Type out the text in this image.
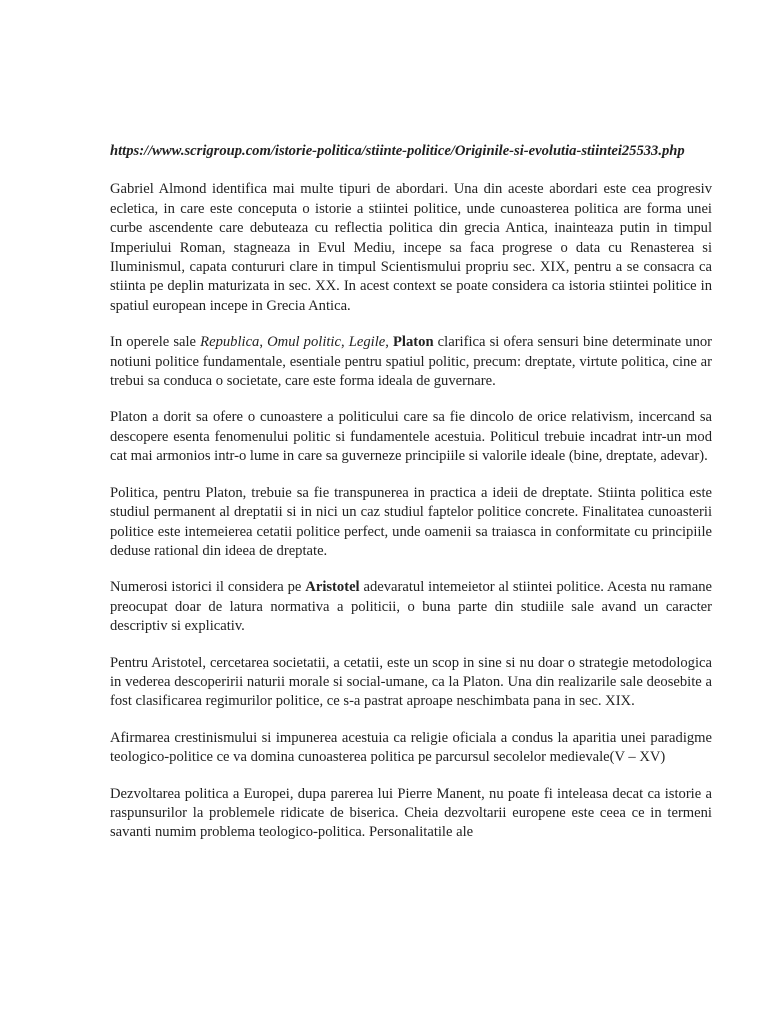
https://www.scrigroup.com/istorie-politica/stiinte-politice/Originile-si-evolutia-stiintei25533.php

Gabriel Almond identifica mai multe tipuri de abordari. Una din aceste abordari este cea progresiv ecletica, in care este conceputa o istorie a stiintei politice, unde cunoasterea politica are forma unei curbe ascendente care debuteaza cu reflectia politica din grecia Antica, inainteaza putin in timpul Imperiului Roman, stagneaza in Evul Mediu, incepe sa faca progrese o data cu Renasterea si Iluminismul, capata contururi clare in timpul Scientismului propriu sec. XIX, pentru a se consacra ca stiinta pe deplin maturizata in sec. XX. In acest context se poate considera ca istoria stiintei politice in spatiul european incepe in Grecia Antica.

In operele sale Republica, Omul politic, Legile, Platon clarifica si ofera sensuri bine determinate unor notiuni politice fundamentale, esentiale pentru spatiul politic, precum: dreptate, virtute politica, cine ar trebui sa conduca o societate, care este forma ideala de guvernare.

Platon a dorit sa ofere o cunoastere a politicului care sa fie dincolo de orice relativism, incercand sa descopere esenta fenomenului politic si fundamentele acestuia. Politicul trebuie incadrat intr-un mod cat mai armonios intr-o lume in care sa guverneze principiile si valorile ideale (bine, dreptate, adevar).

Politica, pentru Platon, trebuie sa fie transpunerea in practica a ideii de dreptate. Stiinta politica este studiul permanent al dreptatii si in nici un caz studiul faptelor politice concrete. Finalitatea cunoasterii politice este intemeierea cetatii politice perfect, unde oamenii sa traiasca in conformitate cu principiile deduse rational din ideea de dreptate.

Numerosi istorici il considera pe Aristotel adevaratul intemeietor al stiintei politice. Acesta nu ramane preocupat doar de latura normativa a politicii, o buna parte din studiile sale avand un caracter descriptiv si explicativ.

Pentru Aristotel, cercetarea societatii, a cetatii, este un scop in sine si nu doar o strategie metodologica in vederea descoperirii naturii morale si social-umane, ca la Platon. Una din realizarile sale deosebite a fost clasificarea regimurilor politice, ce s-a pastrat aproape neschimbata pana in sec. XIX.

Afirmarea crestinismului si impunerea acestuia ca religie oficiala a condus la aparitia unei paradigme teologico-politice ce va domina cunoasterea politica pe parcursul secolelor medievale(V – XV)

Dezvoltarea politica a Europei, dupa parerea lui Pierre Manent, nu poate fi inteleasa decat ca istorie a raspunsurilor la problemele ridicate de biserica. Cheia dezvoltarii europene este ceea ce in termeni savanti numim problema teologico-politica. Personalitatile ale
